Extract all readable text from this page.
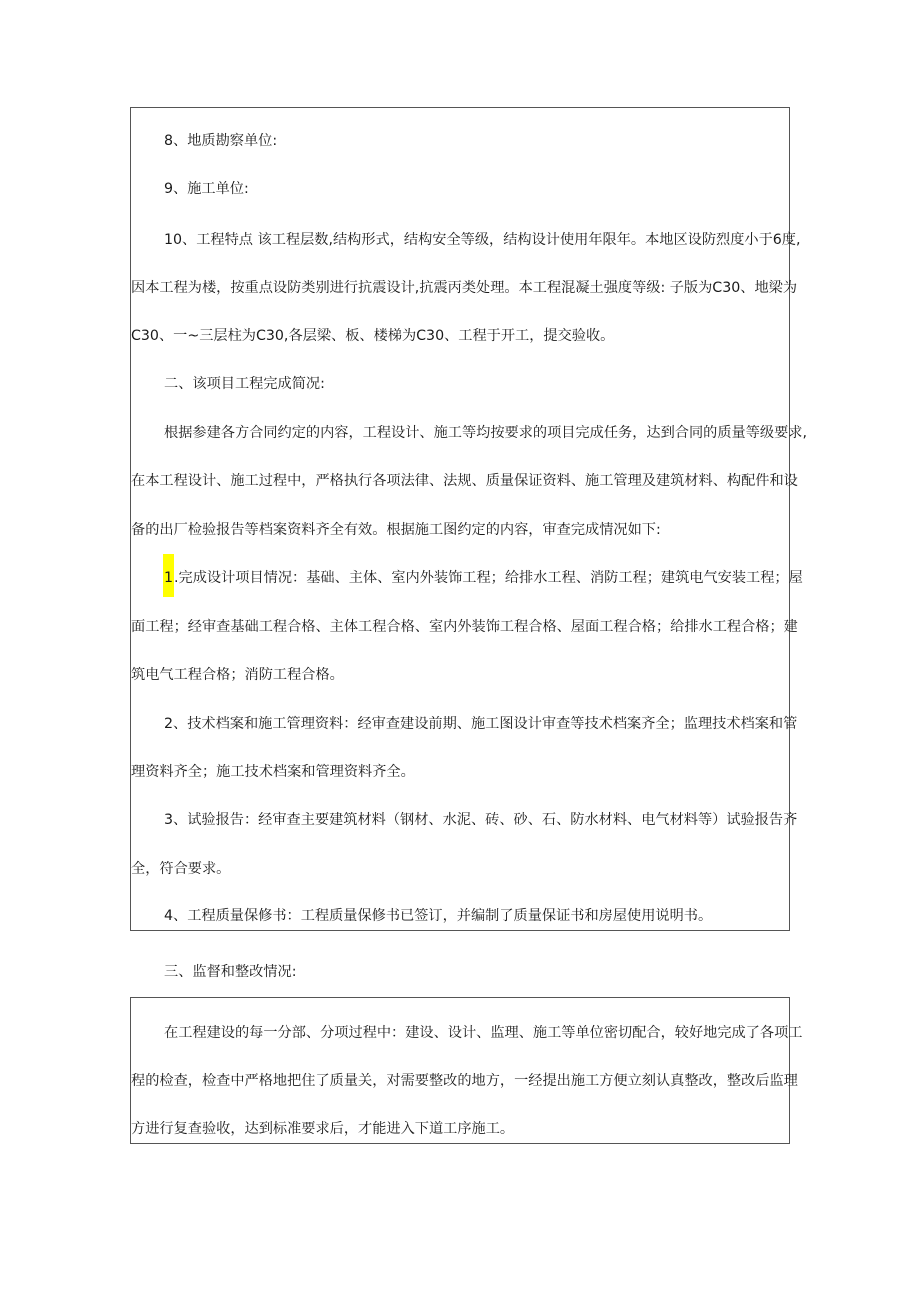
8、地质勘察单位:
9、施工单位:
10、工程特点 该工程层数,结构形式，结构安全等级，结构设计使用年限年。本地区设防烈度小于6度,
因本工程为楼，按重点设防类别进行抗震设计,抗震丙类处理。本工程混凝土强度等级: 子版为C30、地梁为
C30、一~三层柱为C30,各层梁、板、楼梯为C30、工程于开工，提交验收。
二、该项目工程完成简况:
根据参建各方合同约定的内容，工程设计、施工等均按要求的项目完成任务，达到合同的质量等级要求,
在本工程设计、施工过程中，严格执行各项法律、法规、质量保证资料、施工管理及建筑材料、构配件和设
备的出厂检验报告等档案资料齐全有效。根据施工图约定的内容，审查完成情况如下:
1.完成设计项目情况：基础、主体、室内外装饰工程；给排水工程、消防工程；建筑电气安装工程；屋
面工程；经审查基础工程合格、主体工程合格、室内外装饰工程合格、屋面工程合格；给排水工程合格；建
筑电气工程合格；消防工程合格。
2、技术档案和施工管理资料：经审查建设前期、施工图设计审查等技术档案齐全；监理技术档案和管
理资料齐全；施工技术档案和管理资料齐全。
3、试验报告：经审查主要建筑材料（钢材、水泥、砖、砂、石、防水材料、电气材料等）试验报告齐
全，符合要求。
4、工程质量保修书：工程质量保修书已签订，并编制了质量保证书和房屋使用说明书。
三、监督和整改情况:
在工程建设的每一分部、分项过程中：建设、设计、监理、施工等单位密切配合，较好地完成了各项工
程的检查，检查中严格地把住了质量关，对需要整改的地方，一经提出施工方便立刻认真整改，整改后监理
方进行复查验收，达到标准要求后，才能进入下道工序施工。
